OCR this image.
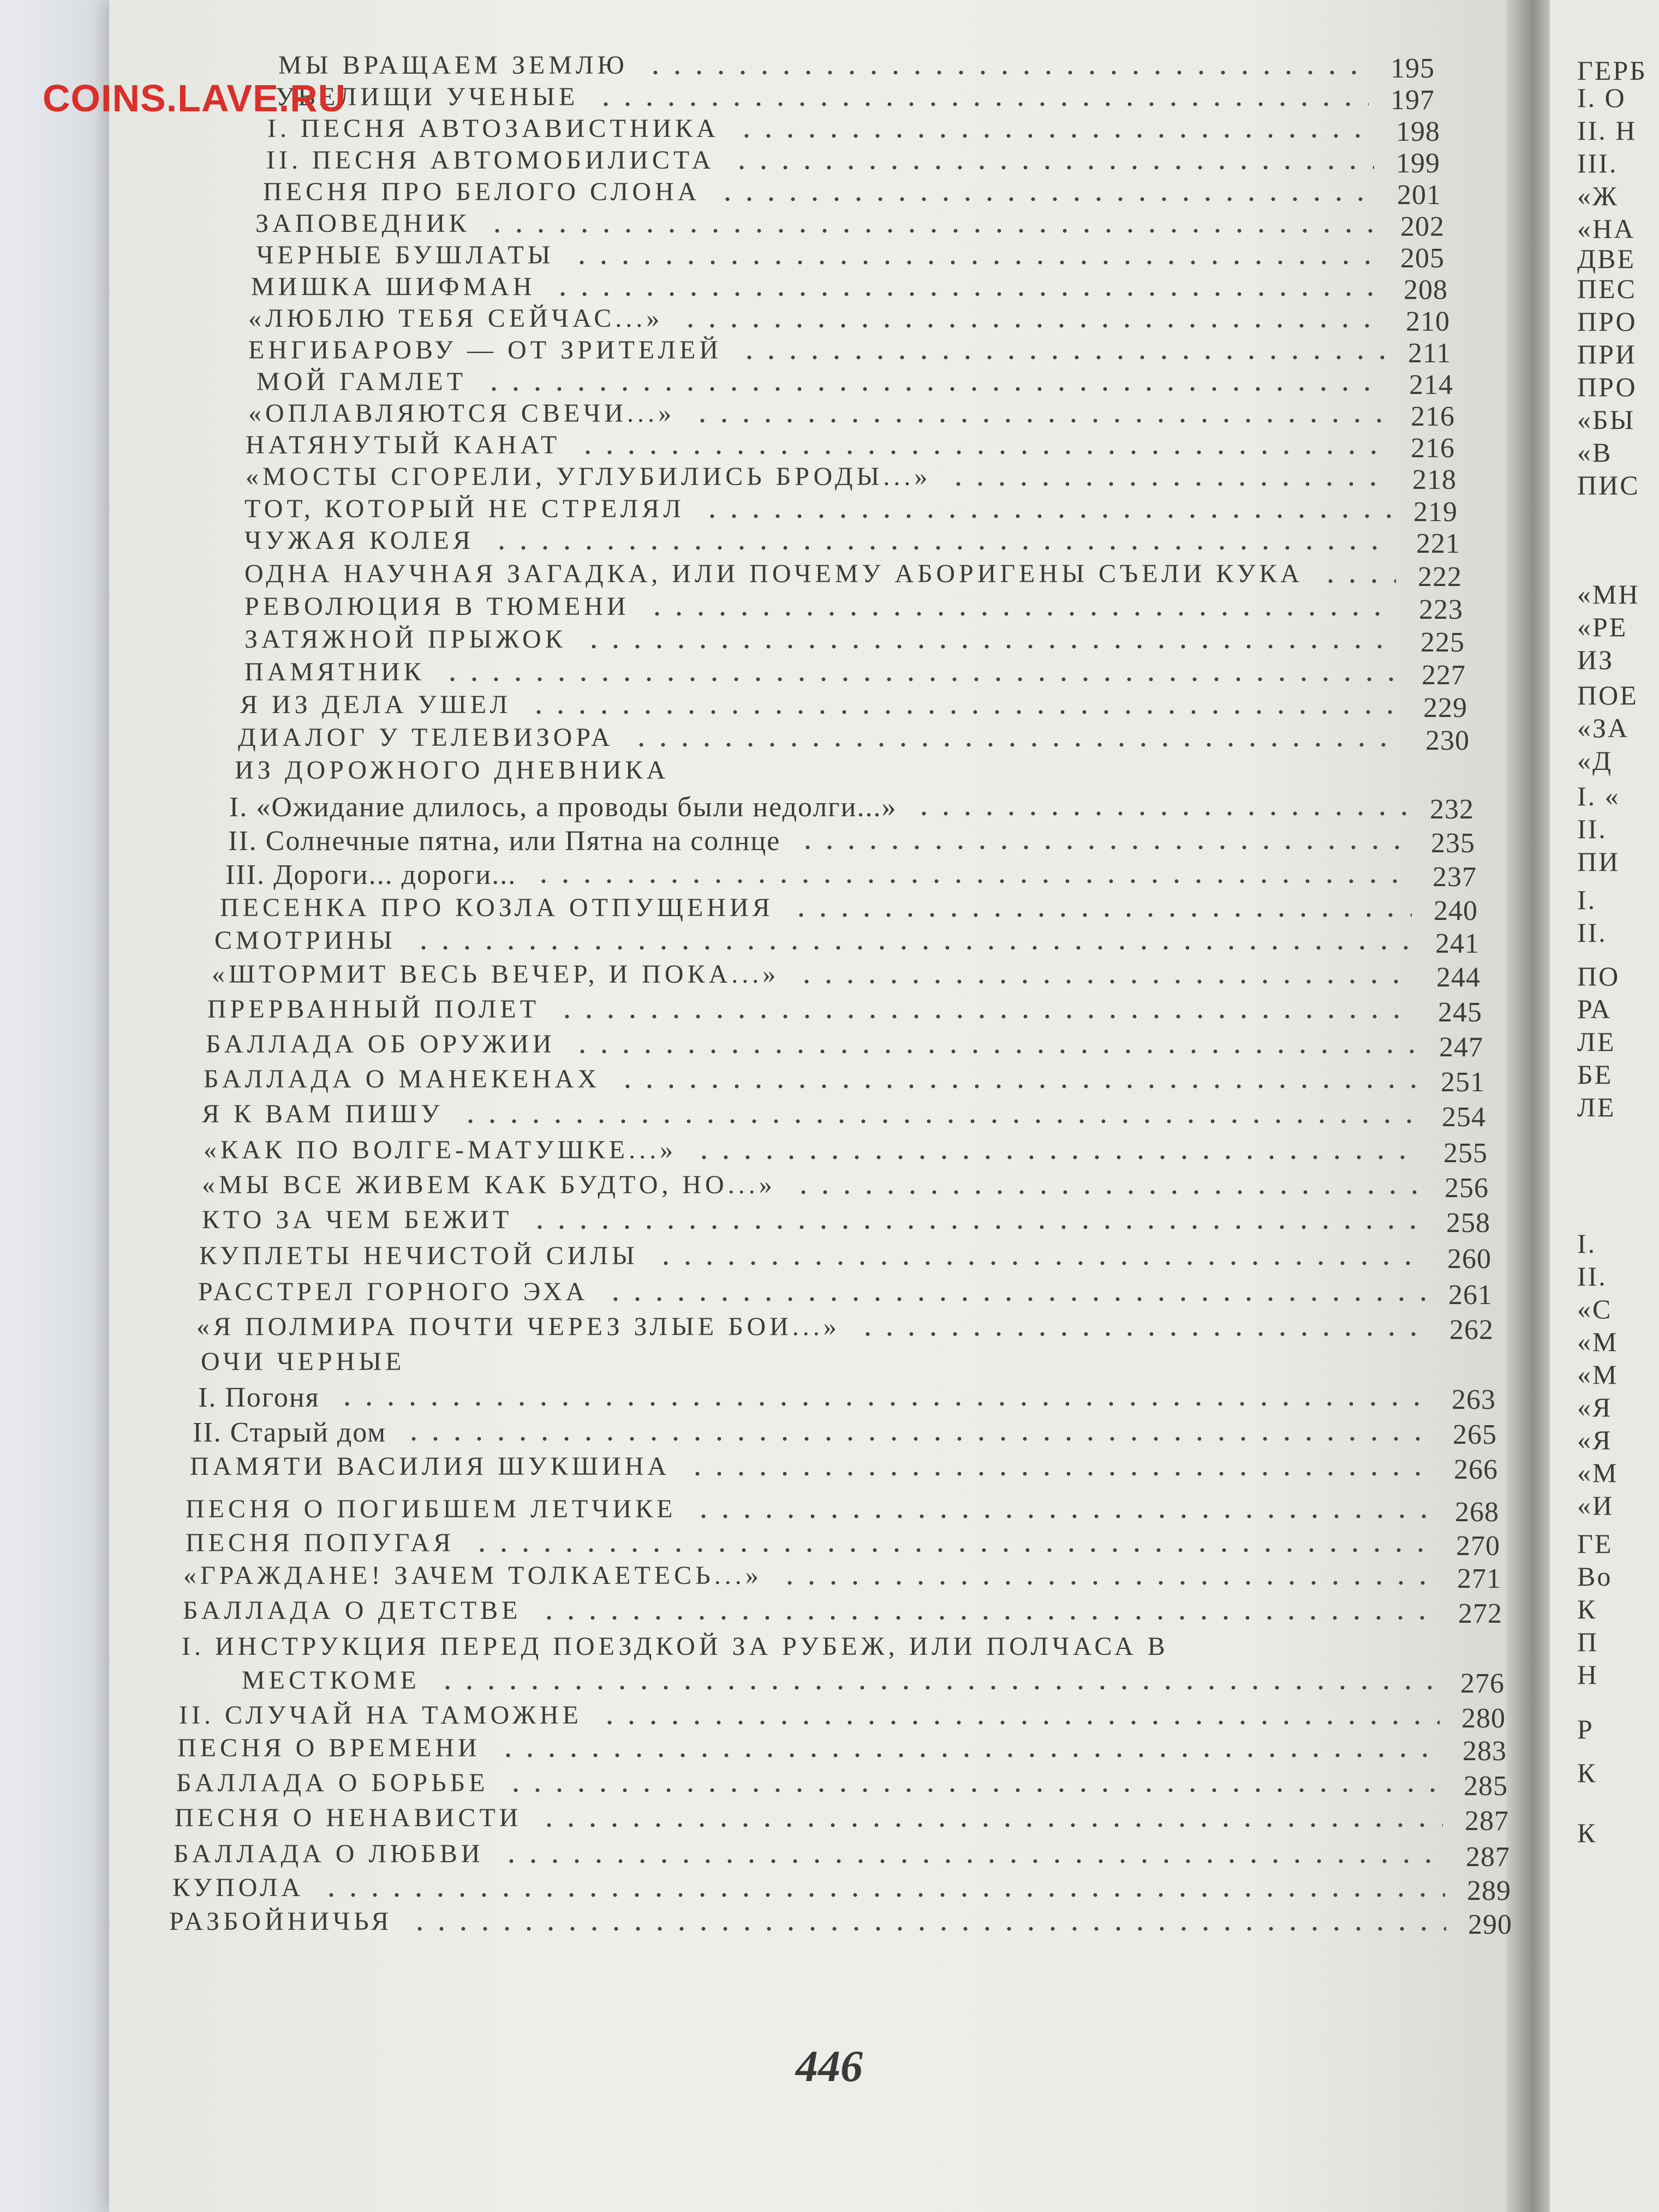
ГЕРБ
I. О
II. Н
III.
«Ж
«НА
ДВЕ
ПЕС
ПРО
ПРИ
ПРО
«БЫ
«В
ПИС
«МН
«РЕ
ИЗ
ПОЕ
«ЗА
«Д
I. «
II.
ПИ
I.
II.
ПО
РА
ЛЕ
БЕ
ЛЕ
I.
II.
«С
«М
«М
«Я
«Я
«М
«И
ГЕ
Во
К
П
Н
Р
К
К
МЫ ВРАЩАЕМ ЗЕМЛЮ	195
УВЕЛИЩИ УЧЕНЫЕ	197
I. ПЕСНЯ АВТОЗАВИСТНИКА	198
II. ПЕСНЯ АВТОМОБИЛИСТА	199
ПЕСНЯ ПРО БЕЛОГО СЛОНА	201
ЗАПОВЕДНИК	202
ЧЕРНЫЕ БУШЛАТЫ	205
МИШКА ШИФМАН	208
«ЛЮБЛЮ ТЕБЯ СЕЙЧАС...»	210
ЕНГИБАРОВУ — ОТ ЗРИТЕЛЕЙ	211
МОЙ ГАМЛЕТ	214
«ОПЛАВЛЯЮТСЯ СВЕЧИ...»	216
НАТЯНУТЫЙ КАНАТ	216
«МОСТЫ СГОРЕЛИ, УГЛУБИЛИСЬ БРОДЫ...»	218
ТОТ, КОТОРЫЙ НЕ СТРЕЛЯЛ	219
ЧУЖАЯ КОЛЕЯ	221
ОДНА НАУЧНАЯ ЗАГАДКА, ИЛИ ПОЧЕМУ АБОРИГЕНЫ СЪЕЛИ КУКА	222
РЕВОЛЮЦИЯ В ТЮМЕНИ	223
ЗАТЯЖНОЙ ПРЫЖОК	225
ПАМЯТНИК	227
Я ИЗ ДЕЛА УШЕЛ	229
ДИАЛОГ У ТЕЛЕВИЗОРА	230
ИЗ ДОРОЖНОГО ДНЕВНИКА
I. «Ожидание длилось, а проводы были недолги...»	232
II. Солнечные пятна, или Пятна на солнце	235
III. Дороги... дороги...	237
ПЕСЕНКА ПРО КОЗЛА ОТПУЩЕНИЯ	240
СМОТРИНЫ	241
«ШТОРМИТ ВЕСЬ ВЕЧЕР, И ПОКА...»	244
ПРЕРВАННЫЙ ПОЛЕТ	245
БАЛЛАДА ОБ ОРУЖИИ	247
БАЛЛАДА О МАНЕКЕНАХ	251
Я К ВАМ ПИШУ	254
«КАК ПО ВОЛГЕ-МАТУШКЕ...»	255
«МЫ ВСЕ ЖИВЕМ КАК БУДТО, НО...»	256
КТО ЗА ЧЕМ БЕЖИТ	258
КУПЛЕТЫ НЕЧИСТОЙ СИЛЫ	260
РАССТРЕЛ ГОРНОГО ЭХА	261
«Я ПОЛМИРА ПОЧТИ ЧЕРЕЗ ЗЛЫЕ БОИ...»	262
ОЧИ ЧЕРНЫЕ
I. Погоня	263
II. Старый дом	265
ПАМЯТИ ВАСИЛИЯ ШУКШИНА	266
ПЕСНЯ О ПОГИБШЕМ ЛЕТЧИКЕ	268
ПЕСНЯ ПОПУГАЯ	270
«ГРАЖДАНЕ! ЗАЧЕМ ТОЛКАЕТЕСЬ...»	271
БАЛЛАДА О ДЕТСТВЕ	272
I. ИНСТРУКЦИЯ ПЕРЕД ПОЕЗДКОЙ ЗА РУБЕЖ, ИЛИ ПОЛЧАСА В
МЕСТКОМЕ	276
II. СЛУЧАЙ НА ТАМОЖНЕ	280
ПЕСНЯ О ВРЕМЕНИ	283
БАЛЛАДА О БОРЬБЕ	285
ПЕСНЯ О НЕНАВИСТИ	287
БАЛЛАДА О ЛЮБВИ	287
КУПОЛА	289
РАЗБОЙНИЧЬЯ	290
COINS.LAVE.RU
446
